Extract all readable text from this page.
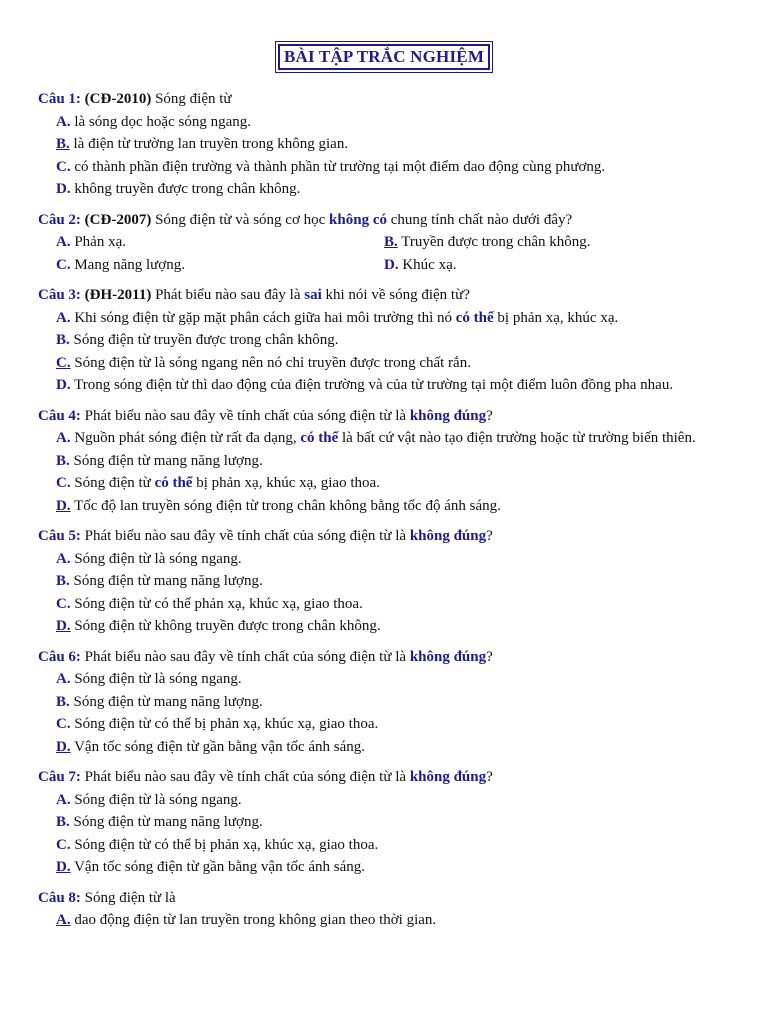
BÀI TẬP TRẮC NGHIỆM
Câu 1: (CĐ-2010) Sóng điện từ
A. là sóng dọc hoặc sóng ngang.
B. là điện từ trường lan truyền trong không gian.
C. có thành phần điện trường và thành phần từ trường tại một điểm dao động cùng phương.
D. không truyền được trong chân không.
Câu 2: (CĐ-2007) Sóng điện từ và sóng cơ học không có chung tính chất nào dưới đây?
A. Phản xạ.	B. Truyền được trong chân không.
C. Mang năng lượng.	D. Khúc xạ.
Câu 3: (ĐH-2011) Phát biểu nào sau đây là sai khi nói về sóng điện từ?
A. Khi sóng điện từ gặp mặt phân cách giữa hai môi trường thì nó có thể bị phản xạ, khúc xạ.
B. Sóng điện từ truyền được trong chân không.
C. Sóng điện từ là sóng ngang nên nó chỉ truyền được trong chất rắn.
D. Trong sóng điện từ thì dao động của điện trường và của từ trường tại một điểm luôn đồng pha nhau.
Câu 4: Phát biểu nào sau đây về tính chất của sóng điện từ là không đúng?
A. Nguồn phát sóng điện từ rất đa dạng, có thể là bất cứ vật nào tạo điện trường hoặc từ trường biến thiên.
B. Sóng điện từ mang năng lượng.
C. Sóng điện từ có thể bị phản xạ, khúc xạ, giao thoa.
D. Tốc độ lan truyền sóng điện từ trong chân không bằng tốc độ ánh sáng.
Câu 5: Phát biểu nào sau đây về tính chất của sóng điện từ là không đúng?
A. Sóng điện từ là sóng ngang.
B. Sóng điện từ mang năng lượng.
C. Sóng điện từ có thể phản xạ, khúc xạ, giao thoa.
D. Sóng điện từ không truyền được trong chân không.
Câu 6: Phát biểu nào sau đây về tính chất của sóng điện từ là không đúng?
A. Sóng điện từ là sóng ngang.
B. Sóng điện từ mang năng lượng.
C. Sóng điện từ có thể bị phản xạ, khúc xạ, giao thoa.
D. Vận tốc sóng điện từ gần bằng vận tốc ánh sáng.
Câu 7: Phát biểu nào sau đây về tính chất của sóng điện từ là không đúng?
A. Sóng điện từ là sóng ngang.
B. Sóng điện từ mang năng lượng.
C. Sóng điện từ có thể bị phản xạ, khúc xạ, giao thoa.
D. Vận tốc sóng điện từ gần bằng vận tốc ánh sáng.
Câu 8: Sóng điện từ là
A. dao động điện từ lan truyền trong không gian theo thời gian.
